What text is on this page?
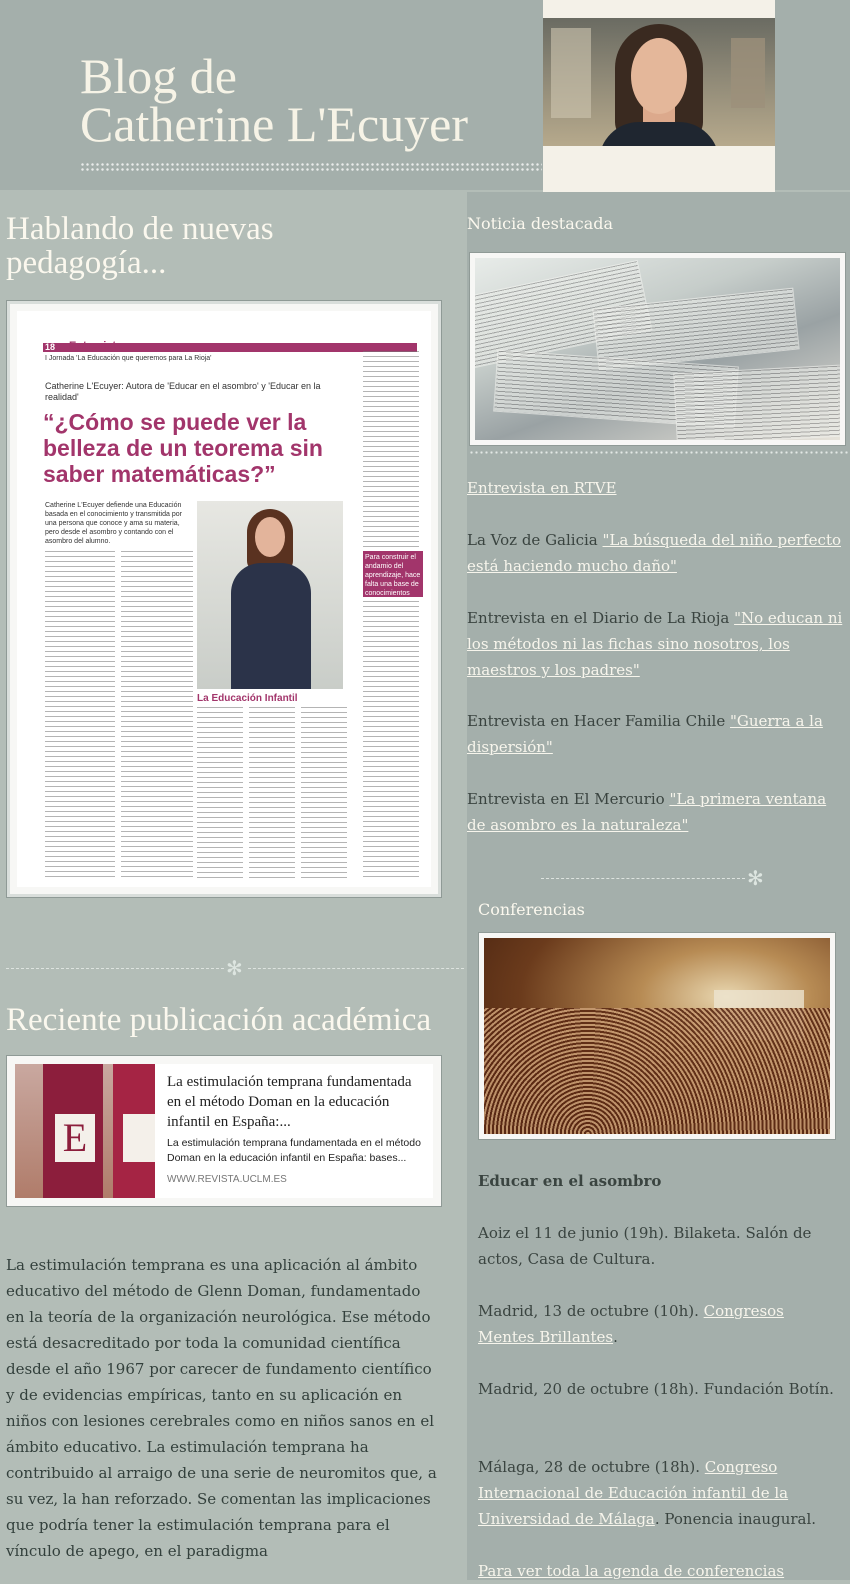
Blog de
Catherine L'Ecuyer
Hablando de nuevas pedagogía...
18 Entrevista
I Jornada 'La Educación que queremos para La Rioja'
Catherine L'Ecuyer: Autora de 'Educar en el asombro' y 'Educar en la realidad'
“¿Cómo se puede ver la belleza de un teorema sin saber matemáticas?”
Catherine L'Ecuyer defiende una Educación basada en el conocimiento y transmitida por una persona que conoce y ama su materia, pero desde el asombro y contando con el asombro del alumno.
Para construir el andamio del aprendizaje, hace falta una base de conocimientos
La Educación Infantil
✻
Reciente publicación académica
E
La estimulación temprana fundamentada en el método Doman en la educación infantil en España:...
La estimulación temprana fundamentada en el método Doman en la educación infantil en España: bases...
WWW.REVISTA.UCLM.ES

La estimulación temprana es una aplicación al ámbito educativo del método de Glenn Doman, fundamentado en la teoría de la organización neurológica. Ese método está desacreditado por toda la comunidad científica desde el año 1967 por carecer de fundamento científico y de evidencias empíricas, tanto en su aplicación en niños con lesiones cerebrales como en niños sanos en el ámbito educativo. La estimulación temprana ha contribuido al arraigo de una serie de neuromitos que, a su vez, la han reforzado. Se comentan las implicaciones que podría tener la estimulación temprana para el vínculo de apego, en el paradigma

Noticia destacada

Entrevista en RTVE

La Voz de Galicia "La búsqueda del niño perfecto está haciendo mucho daño"

Entrevista en el Diario de La Rioja "No educan ni los métodos ni las fichas sino nosotros, los maestros y los padres"

Entrevista en Hacer Familia Chile "Guerra a la dispersión"

Entrevista en El Mercurio "La primera ventana de asombro es la naturaleza"

✻
Conferencias
Educar en el asombro

Aoiz el 11 de junio (19h). Bilaketa. Salón de actos, Casa de Cultura.

Madrid, 13 de octubre (10h). Congresos Mentes Brillantes.

Madrid, 20 de octubre (18h). Fundación Botín.

Málaga, 28 de octubre (18h). Congreso Internacional de Educación infantil de la Universidad de Málaga. Ponencia inaugural.

Para ver toda la agenda de conferencias
